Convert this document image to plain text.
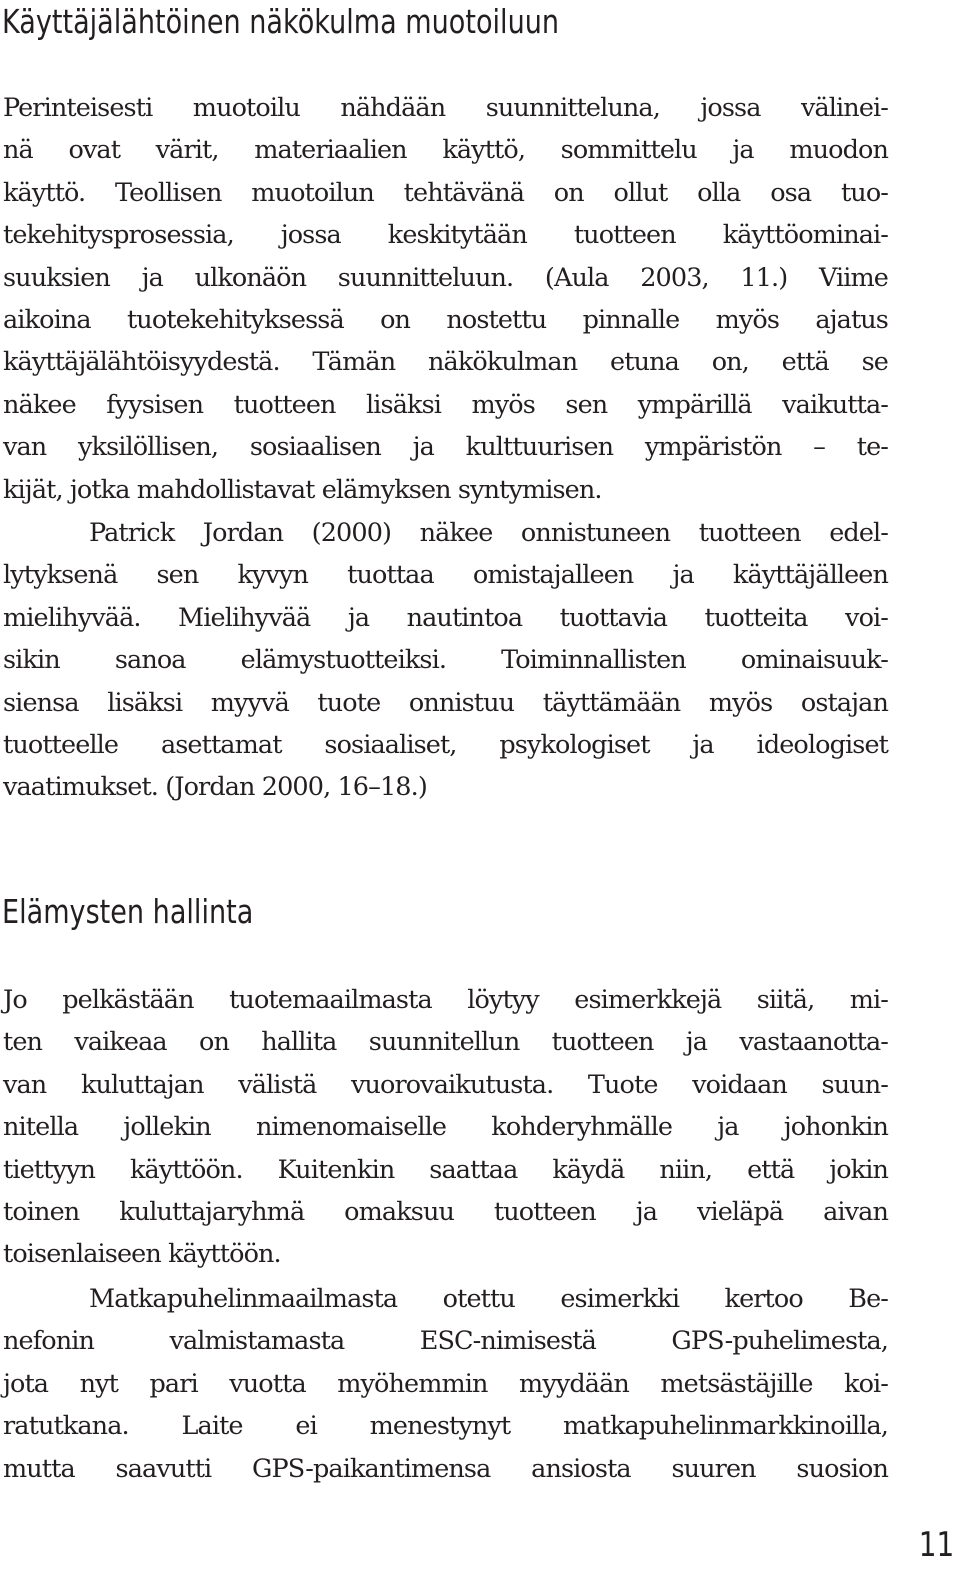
Käyttäjälähtöinen näkökulma muotoiluun
Perinteisesti muotoilu nähdään suunnitteluna, jossa välinei-
nä ovat värit, materiaalien käyttö, sommittelu ja muodon
käyttö. Teollisen muotoilun tehtävänä on ollut olla osa tuo-
tekehitysprosessia, jossa keskitytään tuotteen käyttöominai-
suuksien ja ulkonäön suunnitteluun. (Aula 2003, 11.) Viime
aikoina tuotekehityksessä on nostettu pinnalle myös ajatus
käyttäjälähtöisyydestä. Tämän näkökulman etuna on, että se
näkee fyysisen tuotteen lisäksi myös sen ympärillä vaikutta-
van yksilöllisen, sosiaalisen ja kulttuurisen ympäristön – te-
kijät, jotka mahdollistavat elämyksen syntymisen.
Patrick Jordan (2000) näkee onnistuneen tuotteen edel-
lytyksenä sen kyvyn tuottaa omistajalleen ja käyttäjälleen
mielihyvää. Mielihyvää ja nautintoa tuottavia tuotteita voi-
sikin sanoa elämystuotteiksi. Toiminnallisten ominaisuuk-
siensa lisäksi myyvä tuote onnistuu täyttämään myös ostajan
tuotteelle asettamat sosiaaliset, psykologiset ja ideologiset
vaatimukset. (Jordan 2000, 16–18.)
Elämysten hallinta
Jo pelkästään tuotemaailmasta löytyy esimerkkejä siitä, mi-
ten vaikeaa on hallita suunnitellun tuotteen ja vastaanotta-
van kuluttajan välistä vuorovaikutusta. Tuote voidaan suun-
nitella jollekin nimenomaiselle kohderyhmälle ja johonkin
tiettyyn käyttöön. Kuitenkin saattaa käydä niin, että jokin
toinen kuluttajaryhmä omaksuu tuotteen ja vieläpä aivan
toisenlaiseen käyttöön.
Matkapuhelinmaailmasta otettu esimerkki kertoo Be-
nefonin valmistamasta ESC-nimisestä GPS-puhelimesta,
jota nyt pari vuotta myöhemmin myydään metsästäjille koi-
ratutkana. Laite ei menestynyt matkapuhelinmarkkinoilla,
mutta saavutti GPS-paikantimensa ansiosta suuren suosion
11
